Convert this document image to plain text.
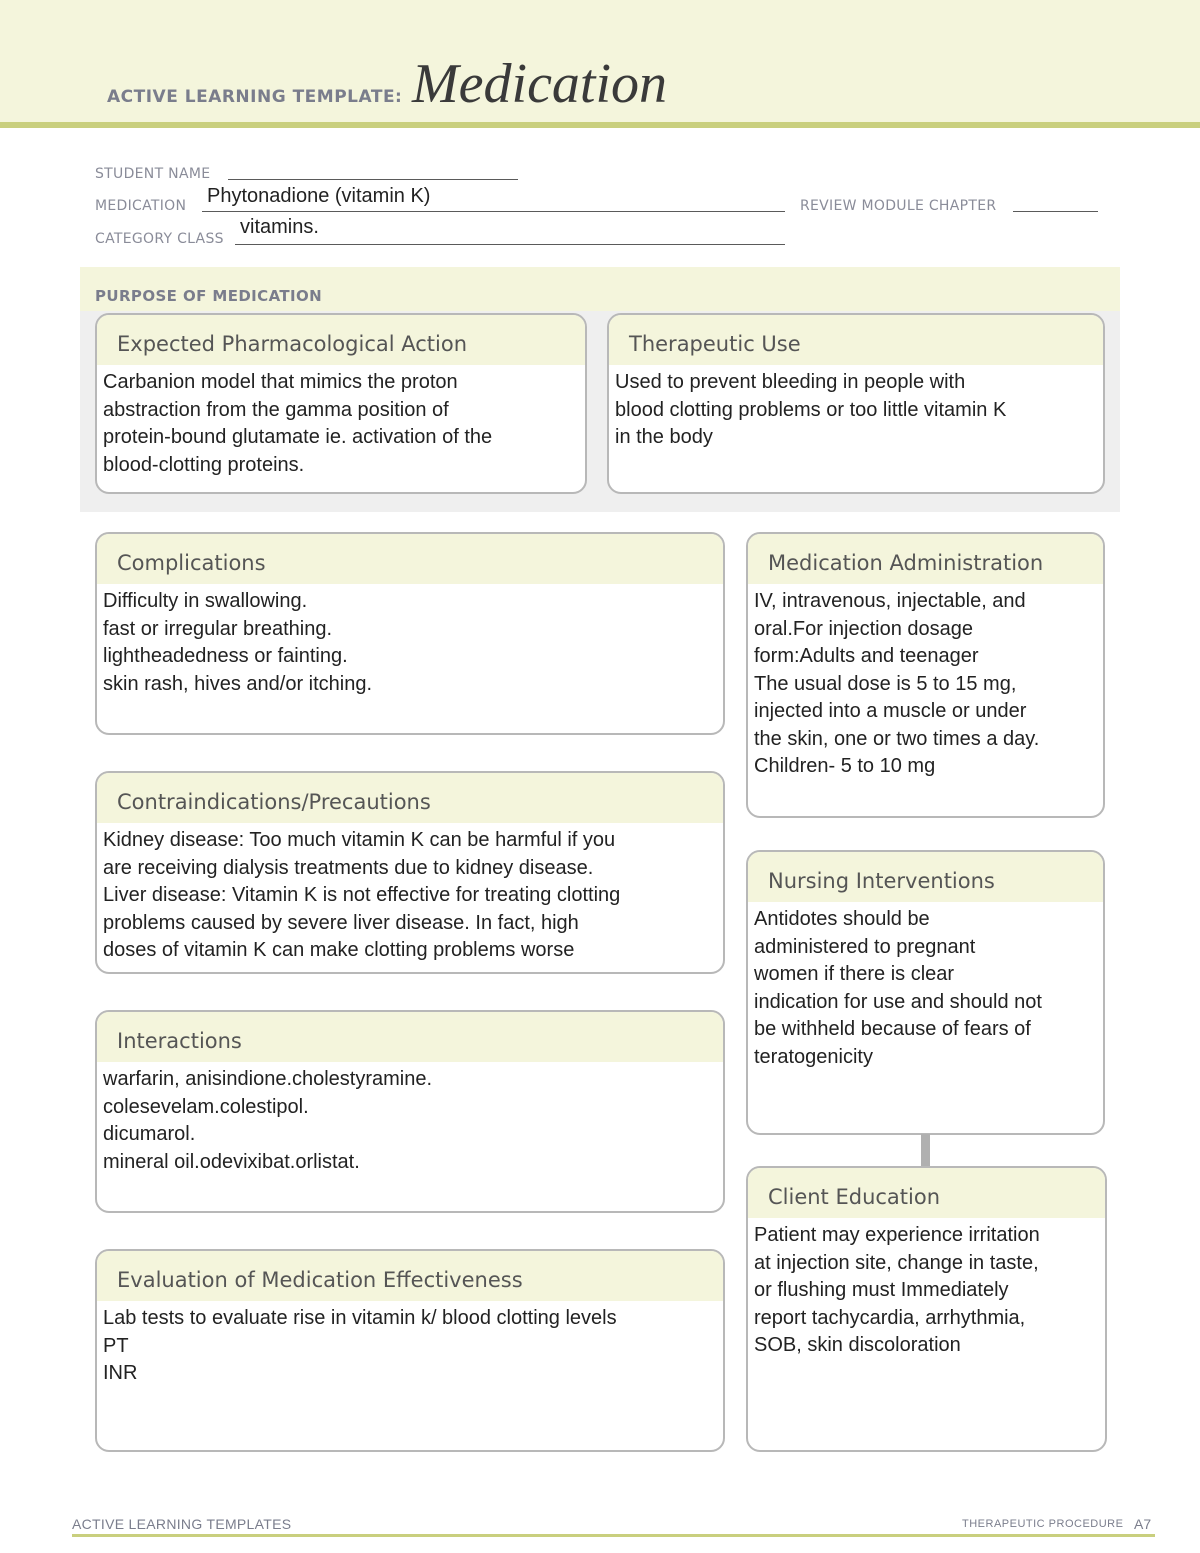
ACTIVE LEARNING TEMPLATE: Medication
STUDENT NAME
MEDICATION Phytonadione (vitamin K)	REVIEW MODULE CHAPTER
CATEGORY CLASS
vitamins.
PURPOSE OF MEDICATION
Expected Pharmacological Action
Carbanion model that mimics the proton
abstraction from the gamma position of
protein-bound glutamate ie. activation of the
blood-clotting proteins.
Therapeutic Use
Used to prevent bleeding in people with
blood clotting problems or too little vitamin K
in the body
Complications
Difficulty in swallowing.
fast or irregular breathing.
lightheadedness or fainting.
skin rash, hives and/or itching.
Contraindications/Precautions
Kidney disease: Too much vitamin K can be harmful if you
are receiving dialysis treatments due to kidney disease.
Liver disease: Vitamin K is not effective for treating clotting
problems caused by severe liver disease. In fact, high
doses of vitamin K can make clotting problems worse
Interactions
warfarin, anisindione.cholestyramine.
colesevelam.colestipol.
dicumarol.
mineral oil.odevixibat.orlistat.
Evaluation of Medication Effectiveness
Lab tests to evaluate rise in vitamin k/ blood clotting levels
PT
INR
Medication Administration
IV, intravenous, injectable, and
oral.For injection dosage
form:Adults and teenager
The usual dose is 5 to 15 mg,
injected into a muscle or under
the skin, one or two times a day.
Children- 5 to 10 mg
Nursing Interventions
Antidotes should be
administered to pregnant
women if there is clear
indication for use and should not
be withheld because of fears of
teratogenicity
Client Education
Patient may experience irritation
at injection site, change in taste,
or flushing must Immediately
report tachycardia, arrhythmia,
SOB, skin discoloration
ACTIVE LEARNING TEMPLATES	THERAPEUTIC PROCEDURE A7
